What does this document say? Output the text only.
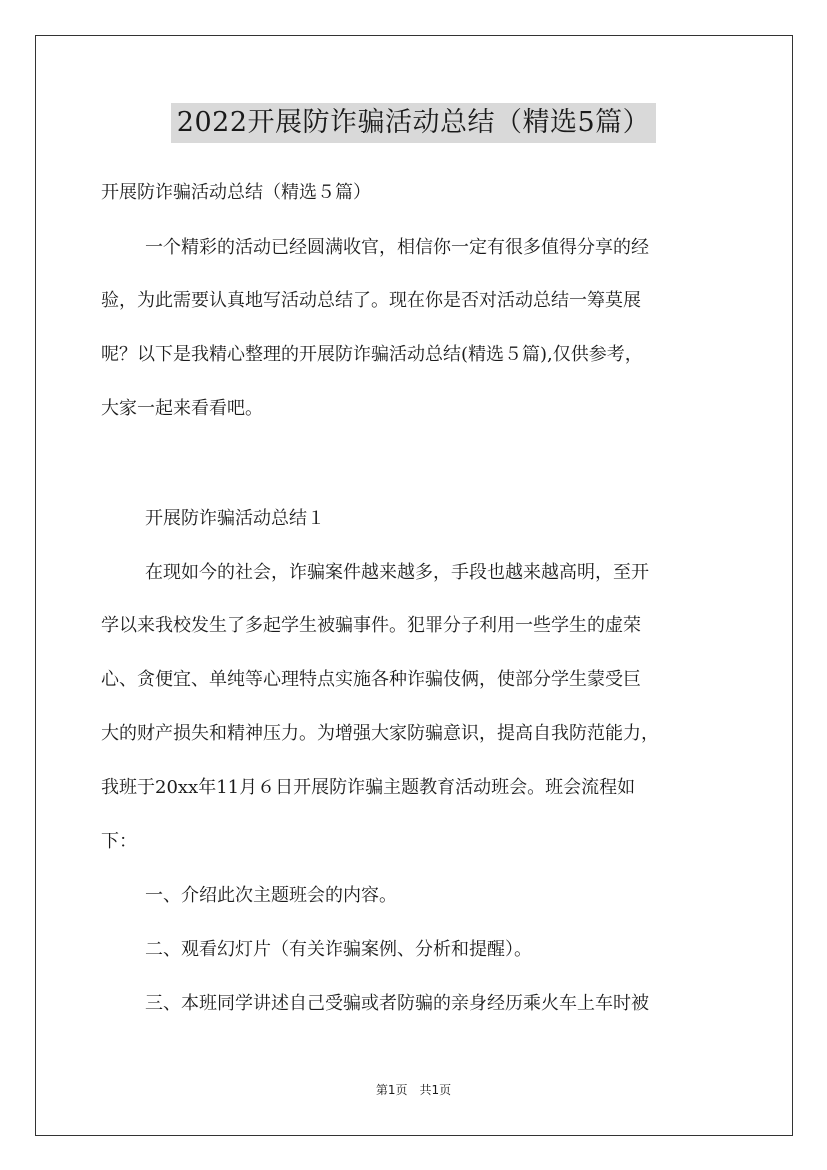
2022开展防诈骗活动总结（精选5篇）

开展防诈骗活动总结（精选５篇）

一个精彩的活动已经圆满收官，相信你一定有很多值得分享的经

验，为此需要认真地写活动总结了。现在你是否对活动总结一筹莫展

呢？以下是我精心整理的开展防诈骗活动总结(精选５篇),仅供参考，

大家一起来看看吧。

开展防诈骗活动总结１

在现如今的社会，诈骗案件越来越多，手段也越来越高明，至开

学以来我校发生了多起学生被骗事件。犯罪分子利用一些学生的虚荣

心、贪便宜、单纯等心理特点实施各种诈骗伎俩，使部分学生蒙受巨

大的财产损失和精神压力。为增强大家防骗意识，提高自我防范能力，

我班于20xx年11月６日开展防诈骗主题教育活动班会。班会流程如

下：

一、介绍此次主题班会的内容。

二、观看幻灯片（有关诈骗案例、分析和提醒）。

三、本班同学讲述自己受骗或者防骗的亲身经历乘火车上车时被

第1页　共1页
